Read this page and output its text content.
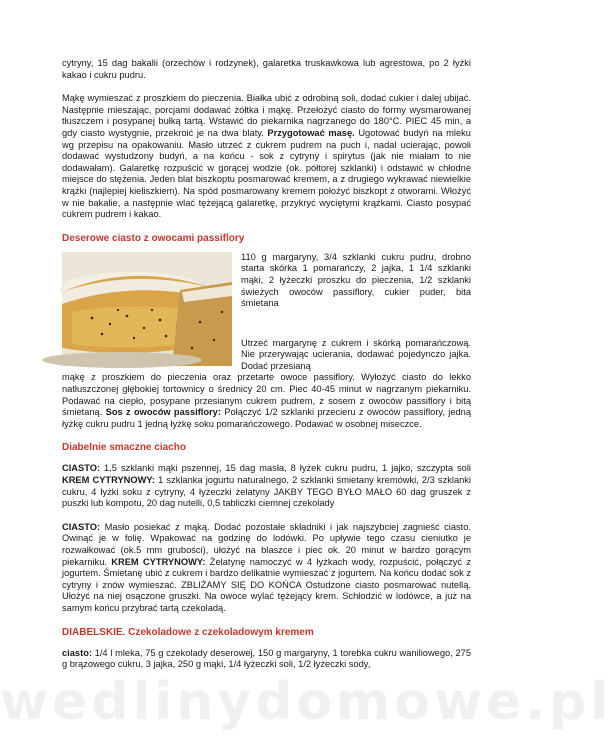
cytryny, 15 dag bakalii (orzechów i rodzynek), galaretka truskawkowa lub agrestowa, po 2 łyżki kakao i cukru pudru.

Mąkę wymieszać z proszkiem do pieczenia. Białka ubić z odrobiną soli, dodać cukier i dalej ubijać. Następnie mieszając, porcjami dodawać żółtka i mąkę. Przełożyć ciasto do formy wysmarowanej tłuszczem i posypanej bułką tartą. Wstawić do piekarnika nagrzanego do 180°C. PIEC 45 min, a gdy ciasto wystygnie, przekroić je na dwa blaty. Przygotować masę. Ugotować budyń na mleku wg przepisu na opakowaniu. Masło utrzeć z cukrem pudrem na puch i, nadal ucierając, powoli dodawać wystudzony budyń, a na końcu - sok z cytryny i spirytus (jak nie miałam to nie dodawałam). Galaretkę rozpuścić w gorącej wodzie (ok. półtorej szklanki) i odstawić w chłodne miejsce do stężenia. Jeden blat biszkoptu posmarować kremem, a z drugiego wykrawać niewielkie krążki (najlepiej kieliszkiem). Na spód posmarowany kremem położyć biszkopt z otworami. Włożyć w nie bakalie, a następnie wlać tężejącą galaretkę, przykryć wyciętymi krążkami. Ciasto posypać cukrem pudrem i kakao.

Deserowe ciasto z owocami passiflory

110 g margaryny, 3/4 szklanki cukru pudru, drobno starta skórka 1 pomarańczy, 2 jajka, 1 1/4 szklanki mąki, 2 łyżeczki proszku do pieczenia, 1/2 szklanki świeżych owoców passiflory, cukier puder, bita śmietana

Utrzeć margarynę z cukrem i skórką pomarańczową. Nie przerywając ucierania, dodawać pojedynczo jajka. Dodać przesianą

mąkę z proszkiem do pieczenia oraz przetarte owoce passiflory. Wyłożyć ciasto do lekko natłuszczonej głębokiej tortownicy o średnicy 20 cm. Piec 40-45 minut w nagrzanym piekarniku. Podawać na ciepło, posypane przesianym cukrem pudrem, z sosem z owoców passiflory i bitą śmietaną. Sos z owoców passiflory: Połączyć 1/2 szklanki przecieru z owoców passiflory, jedną łyżkę cukru pudru 1 jedną łyżkę soku pomarańczowego. Podawać w osobnej miseczce.

Diabelnie smaczne ciacho

CIASTO: 1,5 szklanki mąki pszennej, 15 dag masła, 8 łyżek cukru pudru, 1 jajko, szczypta soli KREM CYTRYNOWY: 1 szklanka jogurtu naturalnego, 2 szklanki śmietany kremówki, 2/3 szklanki cukru, 4 łyżki soku z cytryny, 4 łyżeczki żelatyny JAKBY TEGO BYŁO MAŁO 60 dag gruszek z puszki lub kompotu, 20 dag nutelli, 0,5 tabliczki ciemnej czekolady

CIASTO: Masło posiekać z mąką. Dodać pozostałe składniki i jak najszybciej zagnieść ciasto. Owinąć je w folię. Wpakować na godzinę do lodówki. Po upływie tego czasu cieniutko je rozwałkować (ok.5 mm grubości), ułożyć na blaszce i piec ok. 20 minut w bardzo gorącym piekarniku. KREM CYTRYNOWY: Żelatynę namoczyć w 4 łyżkach wody, rozpuścić, połączyć z jogurtem. Śmietanę ubić z cukrem i bardzo delikatnie wymieszać z jogurtem. Na końcu dodać sok z cytryny i znów wymieszać. ZBLIŻAMY SIĘ DO KOŃCA Ostudzone ciasto posmarować nutellą. Ułożyć na niej osączone gruszki. Na owoce wylać tężejący krem. Schłodzić w lodówce, a już na samym końcu przybrać tartą czekoladą.

DIABELSKIE. Czekoladowe z czekoladowym kremem

ciasto: 1/4 l mleka, 75 g czekolady deserowej, 150 g margaryny, 1 torebka cukru waniliowego, 275 g brązowego cukru, 3 jajka, 250 g mąki, 1/4 łyżeczki soli, 1/2 łyżeczki sody,

wedlinydomowe.pl
